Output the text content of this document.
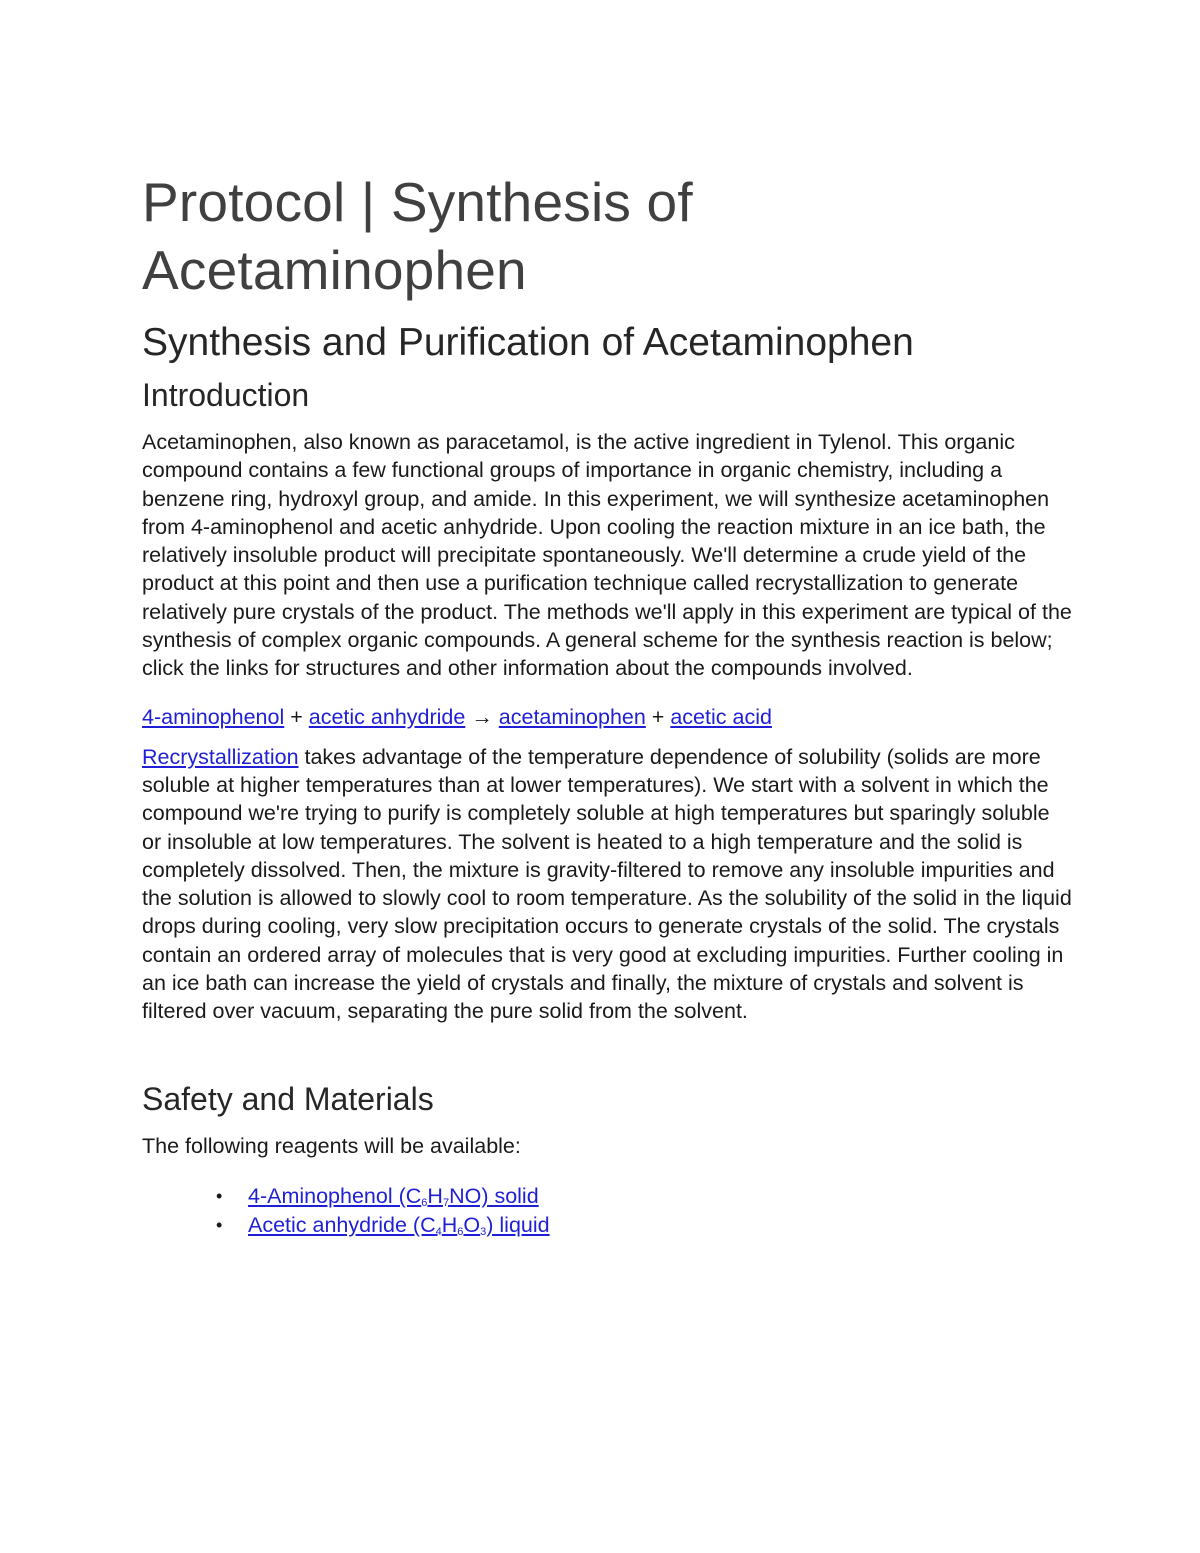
Protocol | Synthesis of Acetaminophen
Synthesis and Purification of Acetaminophen
Introduction

Acetaminophen, also known as paracetamol, is the active ingredient in Tylenol. This organic compound contains a few functional groups of importance in organic chemistry, including a benzene ring, hydroxyl group, and amide. In this experiment, we will synthesize acetaminophen from 4-aminophenol and acetic anhydride. Upon cooling the reaction mixture in an ice bath, the relatively insoluble product will precipitate spontaneously. We'll determine a crude yield of the product at this point and then use a purification technique called recrystallization to generate relatively pure crystals of the product. The methods we'll apply in this experiment are typical of the synthesis of complex organic compounds. A general scheme for the synthesis reaction is below; click the links for structures and other information about the compounds involved.

4-aminophenol + acetic anhydride → acetaminophen + acetic acid

Recrystallization takes advantage of the temperature dependence of solubility (solids are more soluble at higher temperatures than at lower temperatures). We start with a solvent in which the compound we're trying to purify is completely soluble at high temperatures but sparingly soluble or insoluble at low temperatures. The solvent is heated to a high temperature and the solid is completely dissolved. Then, the mixture is gravity-filtered to remove any insoluble impurities and the solution is allowed to slowly cool to room temperature. As the solubility of the solid in the liquid drops during cooling, very slow precipitation occurs to generate crystals of the solid. The crystals contain an ordered array of molecules that is very good at excluding impurities. Further cooling in an ice bath can increase the yield of crystals and finally, the mixture of crystals and solvent is filtered over vacuum, separating the pure solid from the solvent.

Safety and Materials

The following reagents will be available:

• 4-Aminophenol $(C_6H_7NO)$ solid
• Acetic anhydride $(C_4H_6O_3)$ liquid
